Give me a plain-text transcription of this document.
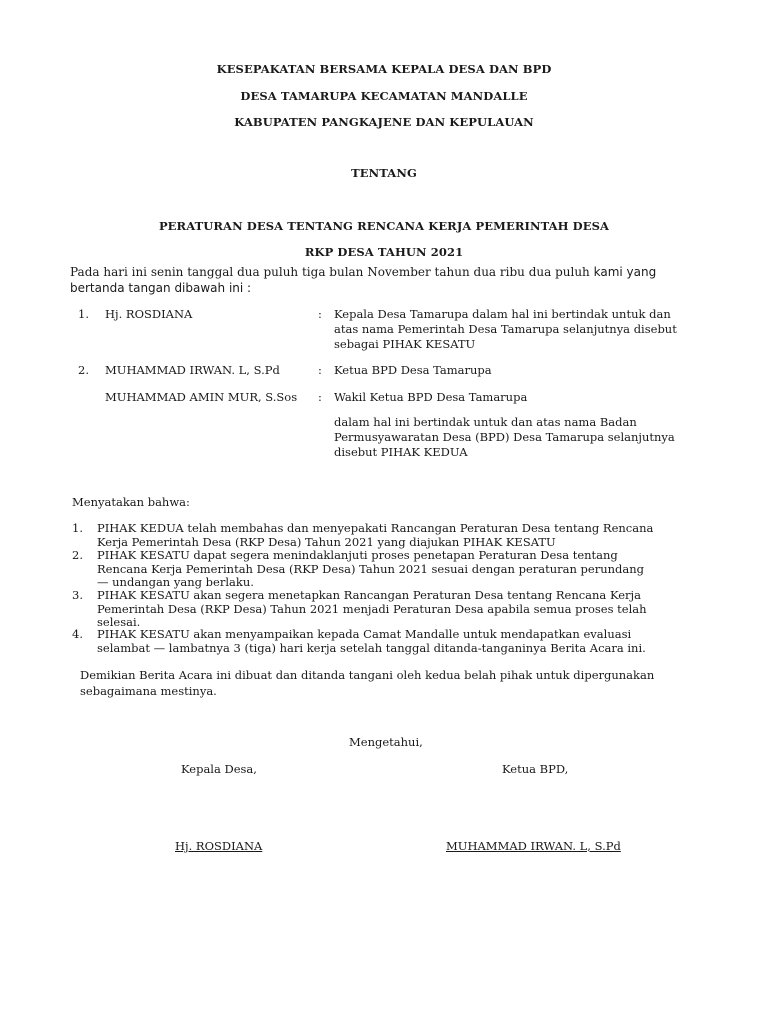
KESEPAKATAN BERSAMA KEPALA DESA DAN BPD
DESA TAMARUPA KECAMATAN MANDALLE
KABUPATEN PANGKAJENE DAN KEPULAUAN
TENTANG
PERATURAN DESA TENTANG RENCANA KERJA PEMERINTAH DESA
RKP DESA TAHUN 2021
Pada hari ini senin tanggal dua puluh tiga bulan November tahun dua ribu dua puluh kami yang bertanda tangan dibawah ini :
1. Hj. ROSDIANA	: Kepala Desa Tamarupa dalam hal ini bertindak untuk dan
atas nama Pemerintah Desa Tamarupa selanjutnya disebut
sebagai PIHAK KESATU
2. MUHAMMAD IRWAN. L, S.Pd	: Ketua BPD Desa Tamarupa
MUHAMMAD AMIN MUR, S.Sos : Wakil Ketua BPD Desa Tamarupa
dalam hal ini bertindak untuk dan atas nama Badan
Permusyawaratan Desa (BPD) Desa Tamarupa selanjutnya
disebut PIHAK KEDUA
Menyatakan bahwa:
1. PIHAK KEDUA telah membahas dan menyepakati Rancangan Peraturan Desa tentang Rencana
Kerja Pemerintah Desa (RKP Desa) Tahun 2021 yang diajukan PIHAK KESATU
2. PIHAK KESATU dapat segera menindaklanjuti proses penetapan Peraturan Desa tentang
Rencana Kerja Pemerintah Desa (RKP Desa) Tahun 2021 sesuai dengan peraturan perundang
— undangan yang berlaku.
3. PIHAK KESATU akan segera menetapkan Rancangan Peraturan Desa tentang Rencana Kerja
Pemerintah Desa (RKP Desa) Tahun 2021 menjadi Peraturan Desa apabila semua proses telah
selesai.
4. PIHAK KESATU akan menyampaikan kepada Camat Mandalle untuk mendapatkan evaluasi
selambat — lambatnya 3 (tiga) hari kerja setelah tanggal ditanda-tanganinya Berita Acara ini.
Demikian Berita Acara ini dibuat dan ditanda tangani oleh kedua belah pihak untuk dipergunakan sebagaimana mestinya.
Mengetahui,
Kepala Desa,	Ketua BPD,
Hj. ROSDIANA	MUHAMMAD IRWAN. L, S.Pd
